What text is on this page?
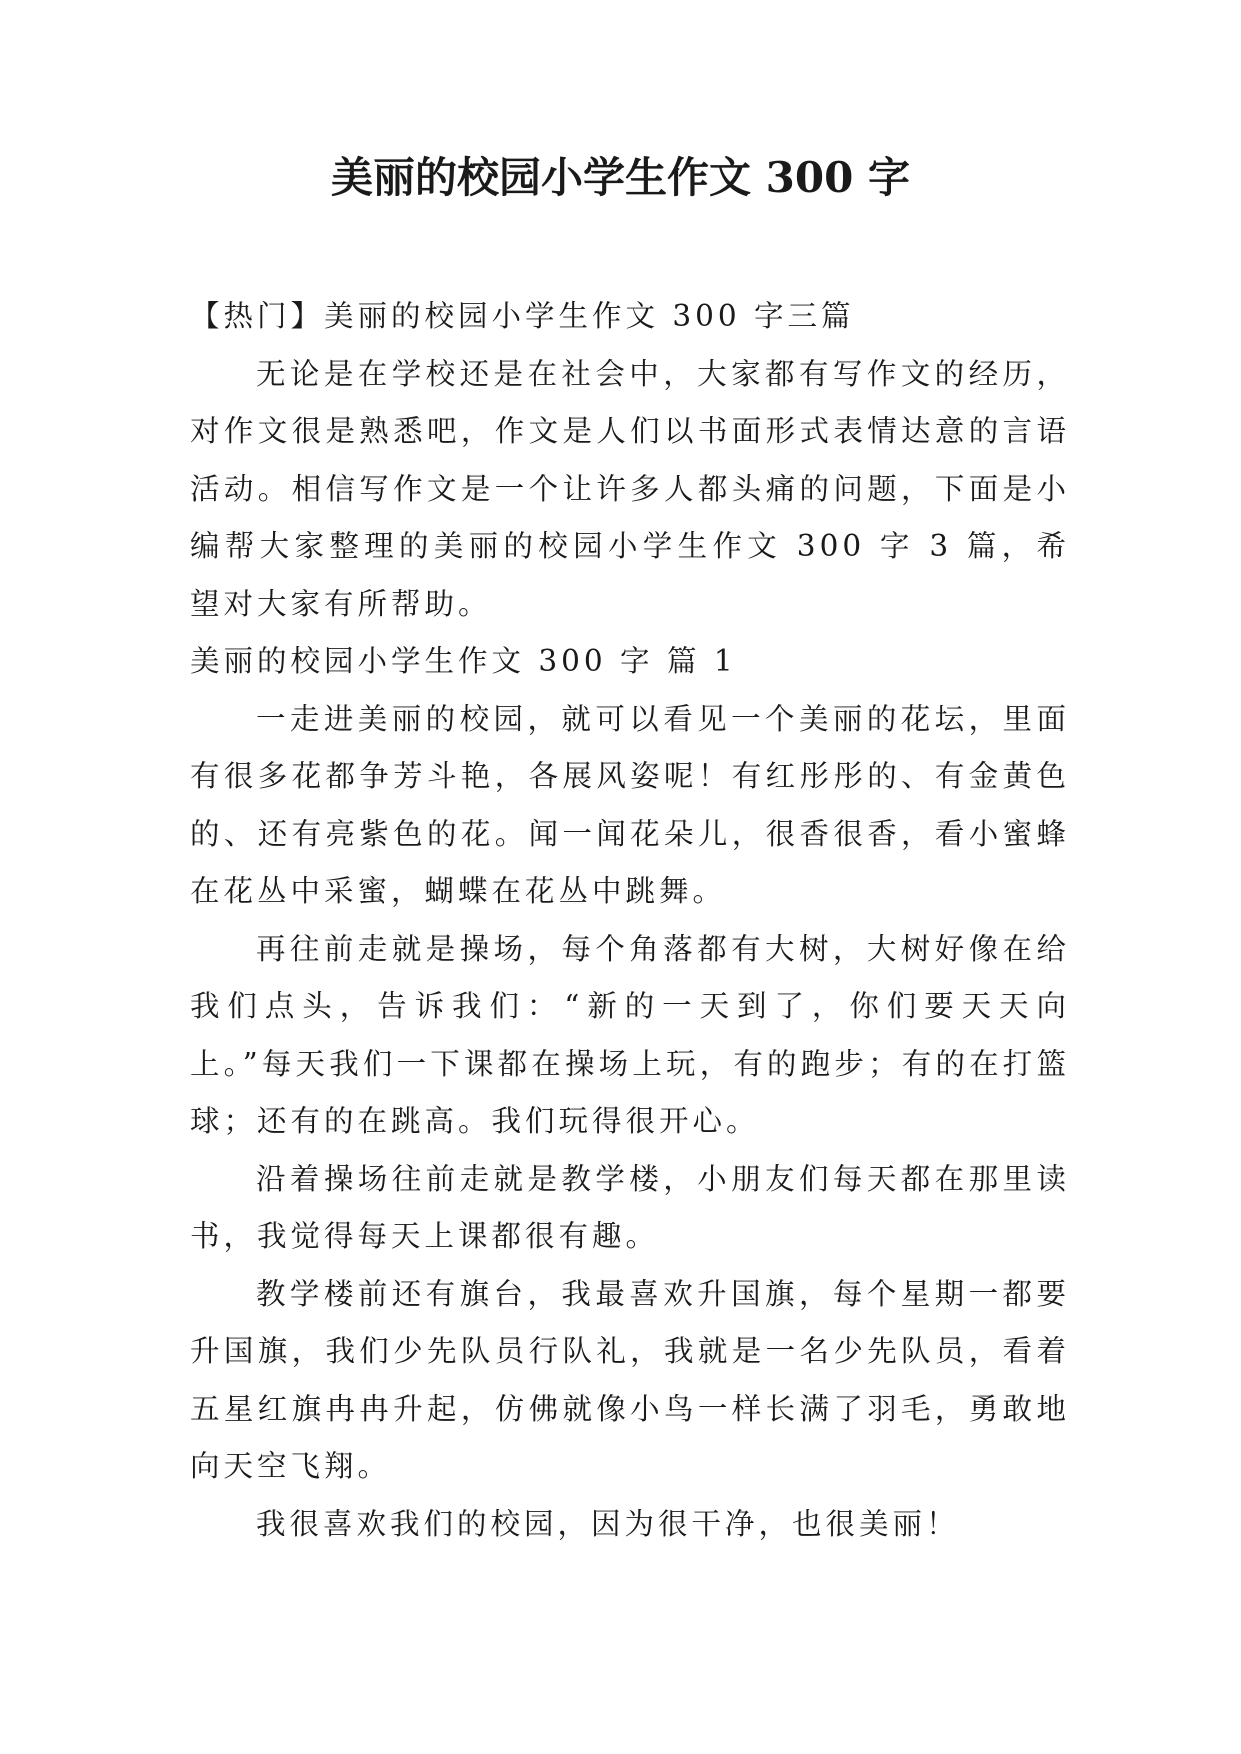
美丽的校园小学生作文 300 字

【热门】美丽的校园小学生作文 300 字三篇

无论是在学校还是在社会中，大家都有写作文的经历，对作文很是熟悉吧，作文是人们以书面形式表情达意的言语活动。相信写作文是一个让许多人都头痛的问题，下面是小编帮大家整理的美丽的校园小学生作文 300 字 3 篇，希望对大家有所帮助。

美丽的校园小学生作文 300 字 篇 1

一走进美丽的校园，就可以看见一个美丽的花坛，里面有很多花都争芳斗艳，各展风姿呢！有红彤彤的、有金黄色的、还有亮紫色的花。闻一闻花朵儿，很香很香，看小蜜蜂在花丛中采蜜，蝴蝶在花丛中跳舞。

再往前走就是操场，每个角落都有大树，大树好像在给我们点头，告诉我们：“新的一天到了，你们要天天向上。”每天我们一下课都在操场上玩，有的跑步；有的在打篮球；还有的在跳高。我们玩得很开心。

沿着操场往前走就是教学楼，小朋友们每天都在那里读书，我觉得每天上课都很有趣。

教学楼前还有旗台，我最喜欢升国旗，每个星期一都要升国旗，我们少先队员行队礼，我就是一名少先队员，看着五星红旗冉冉升起，仿佛就像小鸟一样长满了羽毛，勇敢地向天空飞翔。

我很喜欢我们的校园，因为很干净，也很美丽！
